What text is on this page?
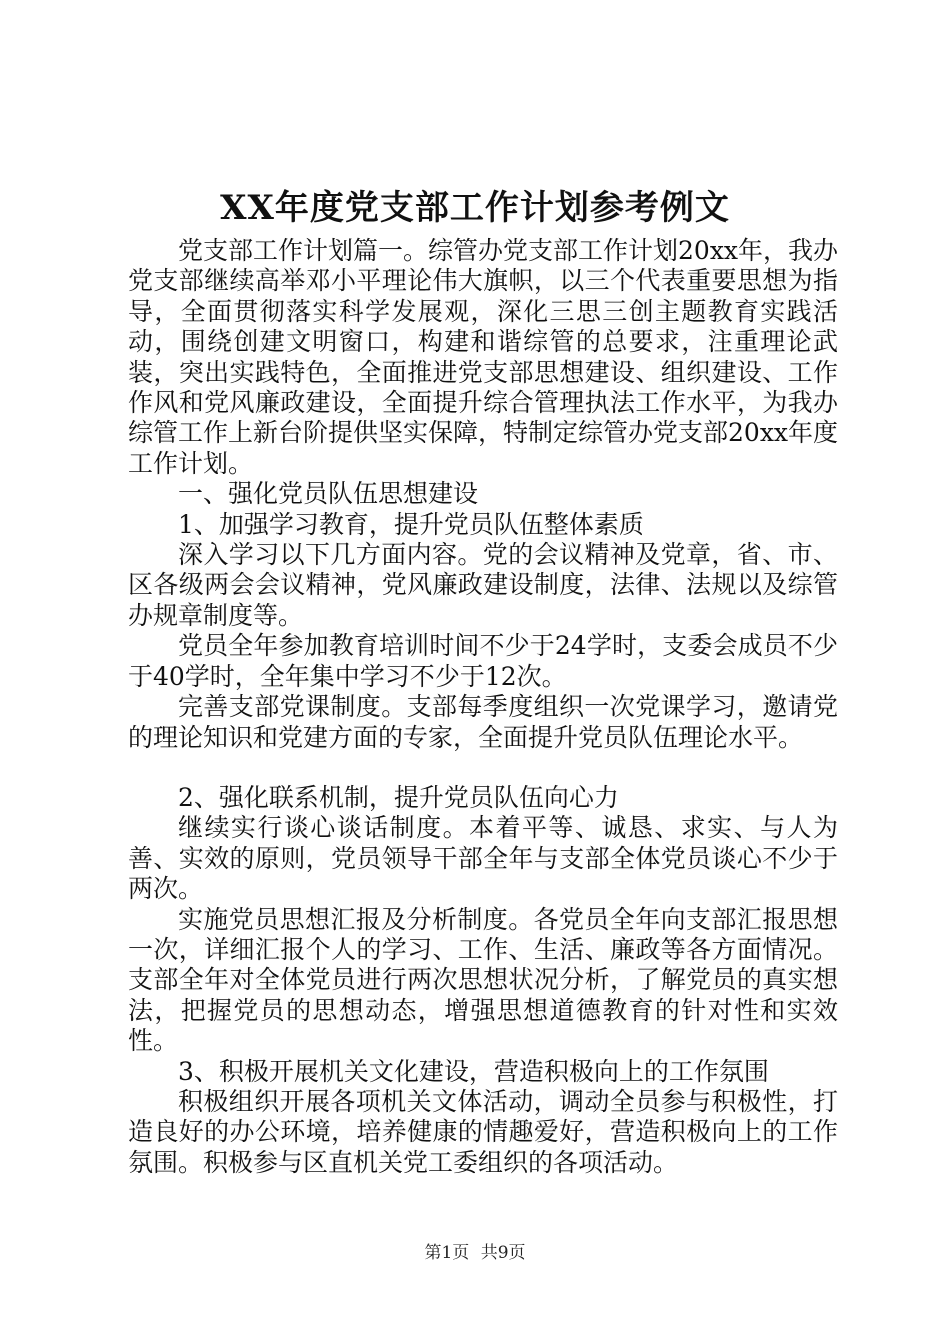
XX年度党支部工作计划参考例文

党支部工作计划篇一。综管办党支部工作计划20xx年，我办党支部继续高举邓小平理论伟大旗帜，以三个代表重要思想为指导，全面贯彻落实科学发展观，深化三思三创主题教育实践活动，围绕创建文明窗口，构建和谐综管的总要求，注重理论武装，突出实践特色，全面推进党支部思想建设、组织建设、工作作风和党风廉政建设，全面提升综合管理执法工作水平，为我办综管工作上新台阶提供坚实保障，特制定综管办党支部20xx年度工作计划。

一、强化党员队伍思想建设

1、加强学习教育，提升党员队伍整体素质

深入学习以下几方面内容。党的会议精神及党章，省、市、区各级两会会议精神，党风廉政建设制度，法律、法规以及综管办规章制度等。

党员全年参加教育培训时间不少于24学时，支委会成员不少于40学时，全年集中学习不少于12次。

完善支部党课制度。支部每季度组织一次党课学习，邀请党的理论知识和党建方面的专家，全面提升党员队伍理论水平。

2、强化联系机制，提升党员队伍向心力

继续实行谈心谈话制度。本着平等、诚恳、求实、与人为善、实效的原则，党员领导干部全年与支部全体党员谈心不少于两次。

实施党员思想汇报及分析制度。各党员全年向支部汇报思想一次，详细汇报个人的学习、工作、生活、廉政等各方面情况。支部全年对全体党员进行两次思想状况分析，了解党员的真实想法，把握党员的思想动态，增强思想道德教育的针对性和实效性。

3、积极开展机关文化建设，营造积极向上的工作氛围

积极组织开展各项机关文体活动，调动全员参与积极性，打造良好的办公环境，培养健康的情趣爱好，营造积极向上的工作氛围。积极参与区直机关党工委组织的各项活动。

第1页 共9页
